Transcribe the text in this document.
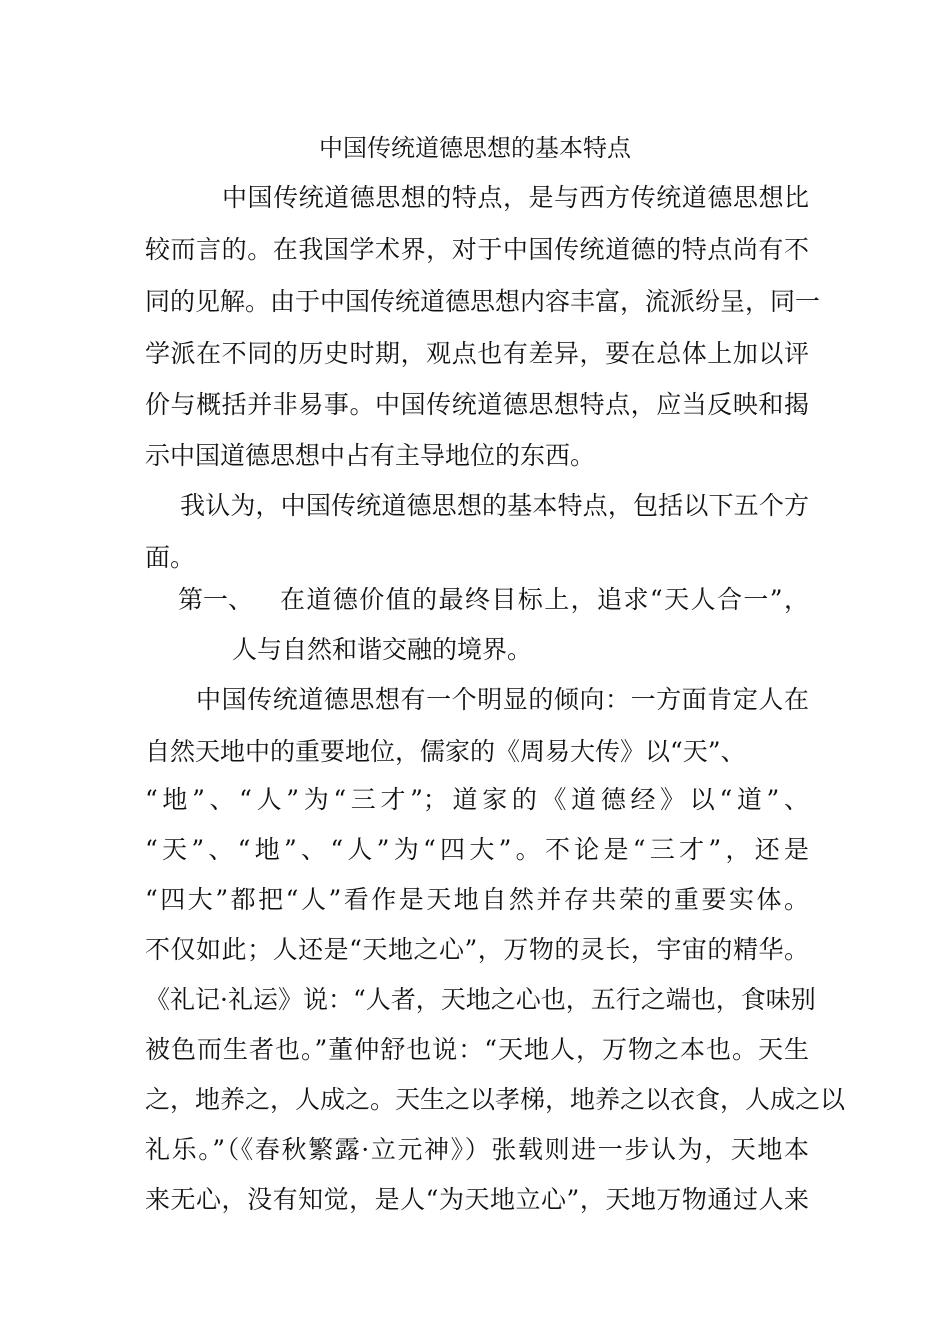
中国传统道德思想的基本特点

中国传统道德思想的特点，是与西方传统道德思想比

较而言的。在我国学术界，对于中国传统道德的特点尚有不

同的见解。由于中国传统道德思想内容丰富，流派纷呈，同一

学派在不同的历史时期，观点也有差异，要在总体上加以评

价与概括并非易事。中国传统道德思想特点，应当反映和揭

示中国道德思想中占有主导地位的东西。

我认为，中国传统道德思想的基本特点，包括以下五个方

面。

第一、	在道德价值的最终目标上，追求“天人合一”，

人与自然和谐交融的境界。

中国传统道德思想有一个明显的倾向：一方面肯定人在

自然天地中的重要地位，儒家的《周易大传》以“天”、

“地”、“人”为“三才”；道家的《道德经》以“道”、

“天”、“地”、“人”为“四大”。不论是“三才”，还是

“四大”都把“人”看作是天地自然并存共荣的重要实体。

不仅如此；人还是“天地之心”，万物的灵长，宇宙的精华。

《礼记·礼运》说：“人者，天地之心也，五行之端也，食味别

被色而生者也。”董仲舒也说：“天地人，万物之本也。天生

之，地养之，人成之。天生之以孝梯，地养之以衣食，人成之以

礼乐。”（《春秋繁露·立元神》）张载则进一步认为，天地本

来无心，没有知觉，是人“为天地立心”，天地万物通过人来
